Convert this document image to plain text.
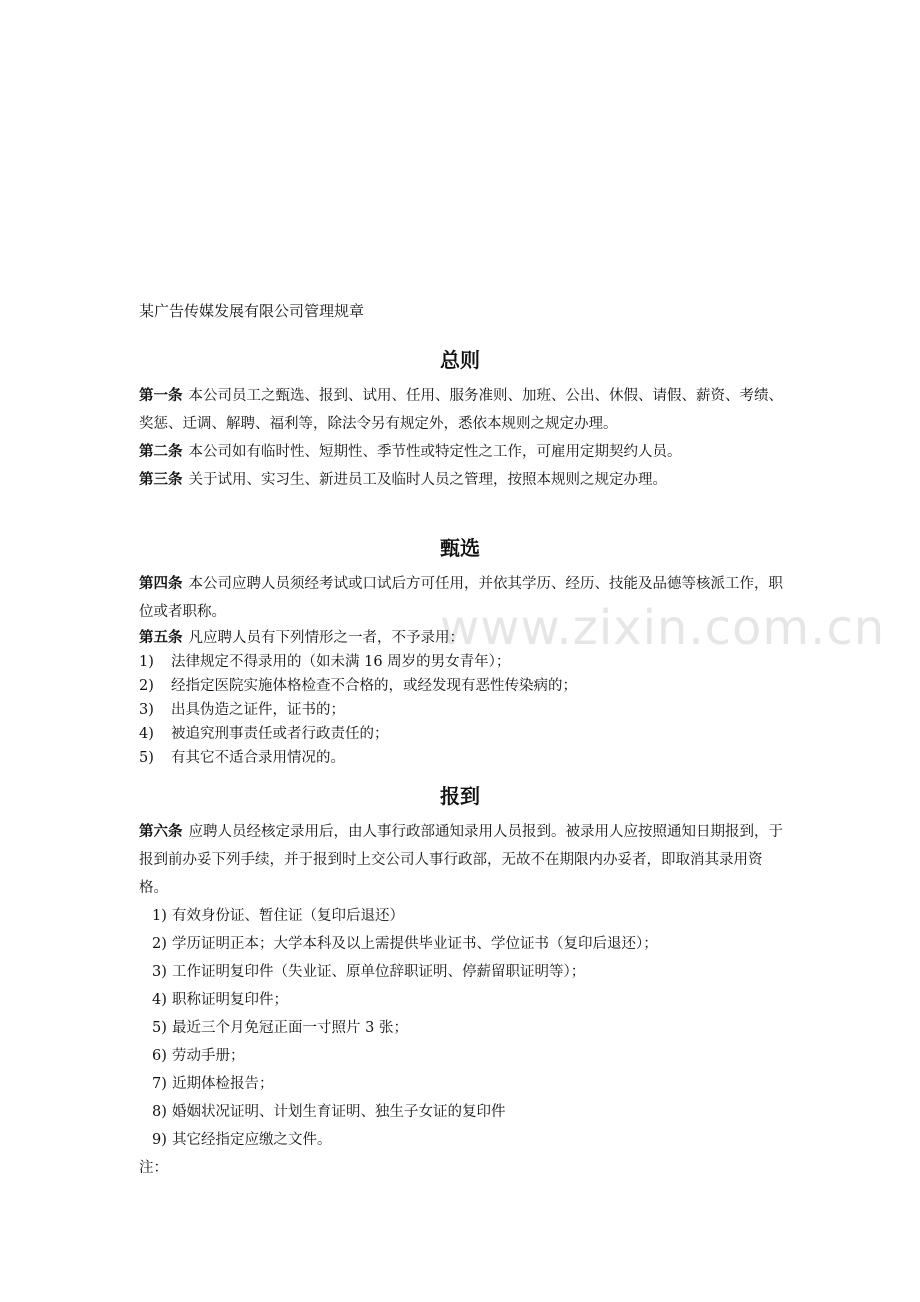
www.zixin.com.cn
某广告传媒发展有限公司管理规章
总则

第一条 本公司员工之甄选、报到、试用、任用、服务准则、加班、公出、休假、请假、薪资、考绩、奖惩、迁调、解聘、福利等，除法令另有规定外，悉依本规则之规定办理。

第二条 本公司如有临时性、短期性、季节性或特定性之工作，可雇用定期契约人员。

第三条 关于试用、实习生、新进员工及临时人员之管理，按照本规则之规定办理。

甄选

第四条 本公司应聘人员须经考试或口试后方可任用，并依其学历、经历、技能及品德等核派工作，职位或者职称。

第五条 凡应聘人员有下列情形之一者，不予录用：

1) 法律规定不得录用的（如未满 16 周岁的男女青年）；
2) 经指定医院实施体格检查不合格的，或经发现有恶性传染病的；
3) 出具伪造之证件，证书的；
4) 被追究刑事责任或者行政责任的；
5) 有其它不适合录用情况的。
报到

第六条 应聘人员经核定录用后，由人事行政部通知录用人员报到。被录用人应按照通知日期报到，于报到前办妥下列手续，并于报到时上交公司人事行政部，无故不在期限内办妥者，即取消其录用资格。

1) 有效身份证、暂住证（复印后退还）
2) 学历证明正本；大学本科及以上需提供毕业证书、学位证书（复印后退还）；
3) 工作证明复印件（失业证、原单位辞职证明、停薪留职证明等）；
4) 职称证明复印件；
5) 最近三个月免冠正面一寸照片 3 张；
6) 劳动手册；
7) 近期体检报告；
8) 婚姻状况证明、计划生育证明、独生子女证的复印件
9) 其它经指定应缴之文件。
注：
